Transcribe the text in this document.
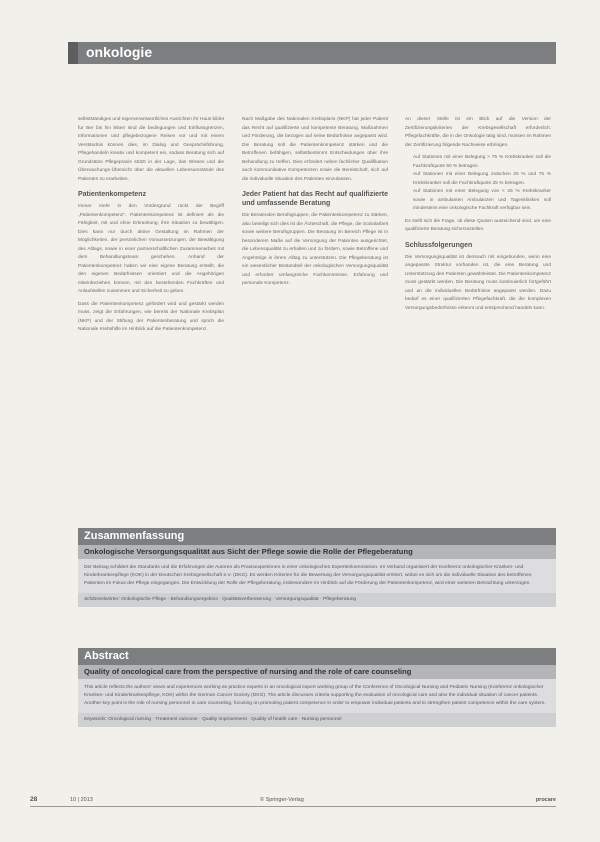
onkologie

selbstständiges und eigenverantwortliches Ausrichten ihr Haus bildet fur Ber bis hin leben sind die bedingungen und Einflussgrenzen, Informationen und pflegebezogene Reisen vor und mit einem Verständnis können dies, im Dialog und Gesprächsführung, Pflegehandeln kreativ und kompetent ein, sodass Beratung sich auf Grundsätze Pflegepraxis stützt in der Lage, das Wissen und die Überwachungs-Übersicht über die aktuellen Lebensumstände des Patienten zu erarbeiten.

Patientenkompetenz

Immer mehr in den Vordergrund rückt der Begriff „Patientenkompetenz“. Patientenkompetenz ist definiert als die Fähigkeit, mit und ohne Erkrankung, ihre Situation zu bewältigen. Dies kann nur durch aktive Gestaltung im Rahmen der Möglichkeiten, der persönlichen Voraussetzungen, der Bewältigung des Alltags, sowie in einer partnerschaftlichen Zusammenarbeit mit dem Behandlungsteam geschehen. Anhand der Patientenkompetenz haben wir eine eigene Beratung erstellt, die den eigenen Bedürfnissen orientiert und die Angehörigen miteinbeziehen können, mit den bestehenden Fachkräften und Anlaufstellen zusammen und Sicherheit zu geben.

Dass die Patientenkompetenz gefördert wird und gestärkt werden muss, zeigt die Erfahrungen, wie bereits der Nationale Krebsplan (NKP) und der Stiftung der Patientenberatung und sprich die Nationale Krebshilfe im Hinblick auf die Patientenkompetenz.

Nach Maßgabe des Nationalen Krebsplans (NKP) hat jeder Patient das Recht auf qualifizierte und kompetente Beratung, Maßnahmen und Förderung, die bezogen auf seine Bedürfnisse angepasst wird. Die Beratung soll die Patientenkompetenz stärken und die Betroffenen befähigen, selbstbestimmt Entscheidungen über ihre Behandlung zu treffen. Dies erfordert neben fachlicher Qualifikation auch kommunikative Kompetenzen sowie die Bereitschaft, sich auf die individuelle Situation des Patienten einzulassen.

Jeder Patient hat das Recht auf qualifizierte und umfassende Beratung

Die Beratenden Berufsgruppen, die Patientenkompetenz zu stärken, also beteiligt sich dies ist die Ärzteschaft, die Pflege, die Sozialarbeit sowie weitere Berufsgruppen. Die Beratung im Bereich Pflege ist in besonderem Maße auf die Versorgung der Patienten ausgerichtet, die Lebensqualität zu erhalten und zu fördern, sowie Betroffene und Angehörige in ihrem Alltag zu unterstützen. Die Pflegeberatung ist ein wesentlicher Bestandteil der onkologischen Versorgungsqualität und erfordert umfangreiche Fachkenntnisse, Erfahrung und personale Kompetenz.

An dieser Stelle ist ein Blick auf die Version der Zertifizierungskriterien der Krebsgesellschaft erforderlich: Pflegefachkräfte, die in der Onkologie tätig sind, müssen im Rahmen der Zertifizierung folgende Nachweise erbringen.

• Auf Stationen mit einer Belegung > 75 % Krebskranker soll die Fachkraftquote 50 % betragen.
• Auf Stationen mit einer Belegung zwischen 25 % und 75 % Krebskranker soll die Fachkraftquote 25 % betragen.
• Auf Stationen mit einer Belegung von < 25 % Krebskranker sowie in ambulanten Ambulanzen und Tageskliniken soll mindestens eine onkologische Fachkraft verfügbar sein.

Es stellt sich die Frage, ob diese Quoten ausreichend sind, um eine qualifizierte Beratung sicherzustellen.

Schlussfolgerungen

Die Versorgungsqualität ist demnach mit eingebunden, wenn eine angepasste Struktur vorhanden ist, die eine Beratung und Unterstützung des Patienten gewährleistet. Die Patientenkompetenz muss gestärkt werden. Die Beratung muss kontinuierlich fortgeführt und an die individuellen Bedürfnisse angepasst werden. Dazu bedarf es einer qualifizierten Pflegefachkraft, die die komplexen Versorgungsbedürfnisse erkennt und entsprechend handeln kann.

Zusammenfassung
Onkologische Versorgungsqualität aus Sicht der Pflege sowie die Rolle der Pflegeberatung
Der Beitrag schildert die Standards und die Erfahrungen der Autoren als Praxisexpertinnen in einer onkologischen Expertenkommission. Im Verband organisiert der Konferenz onkologischer Kranken- und Kinderkrankenpflege (KOK) in der Deutschen Krebsgesellschaft e.V. (DKG). Es werden Kriterien für die Bewertung der Versorgungsqualität erörtert, wobei es sich um die individuelle Situation des betroffenen Patienten im Fokus der Pflege eingegangen. Die Entwicklung der Rolle der Pflegeberatung, insbesondere im Hinblick auf die Förderung der Patientenkompetenz, wird einer weiteren Betrachtung unterzogen.
Schlüsselwörter: Onkologische Pflege · Behandlungsergebnis · Qualitätsverbesserung · Versorgungsqualität · Pflegeberatung
Abstract
Quality of oncological care from the perspective of nursing and the role of care counseling
This article reflects the authors' views and experiences working as practice experts in an oncological expert working group of the Conference of Oncological Nursing and Pediatric Nursing (Konferenz onkologischer Kranken- und Kinderkrankenpflege, KOK) within the German Cancer Society (DKG). The article discusses criteria supporting the evaluation of oncological care and also the individual situation of cancer patients. Another key point is the role of nursing personnel in care counseling, focusing on promoting patient competence in order to empower individual patients and to strengthen patient competence within the care system.
Keywords: Oncological nursing · Treatment outcome · Quality improvement · Quality of health care · Nursing personnel
28	10 | 2013	© Springer-Verlag	procare
